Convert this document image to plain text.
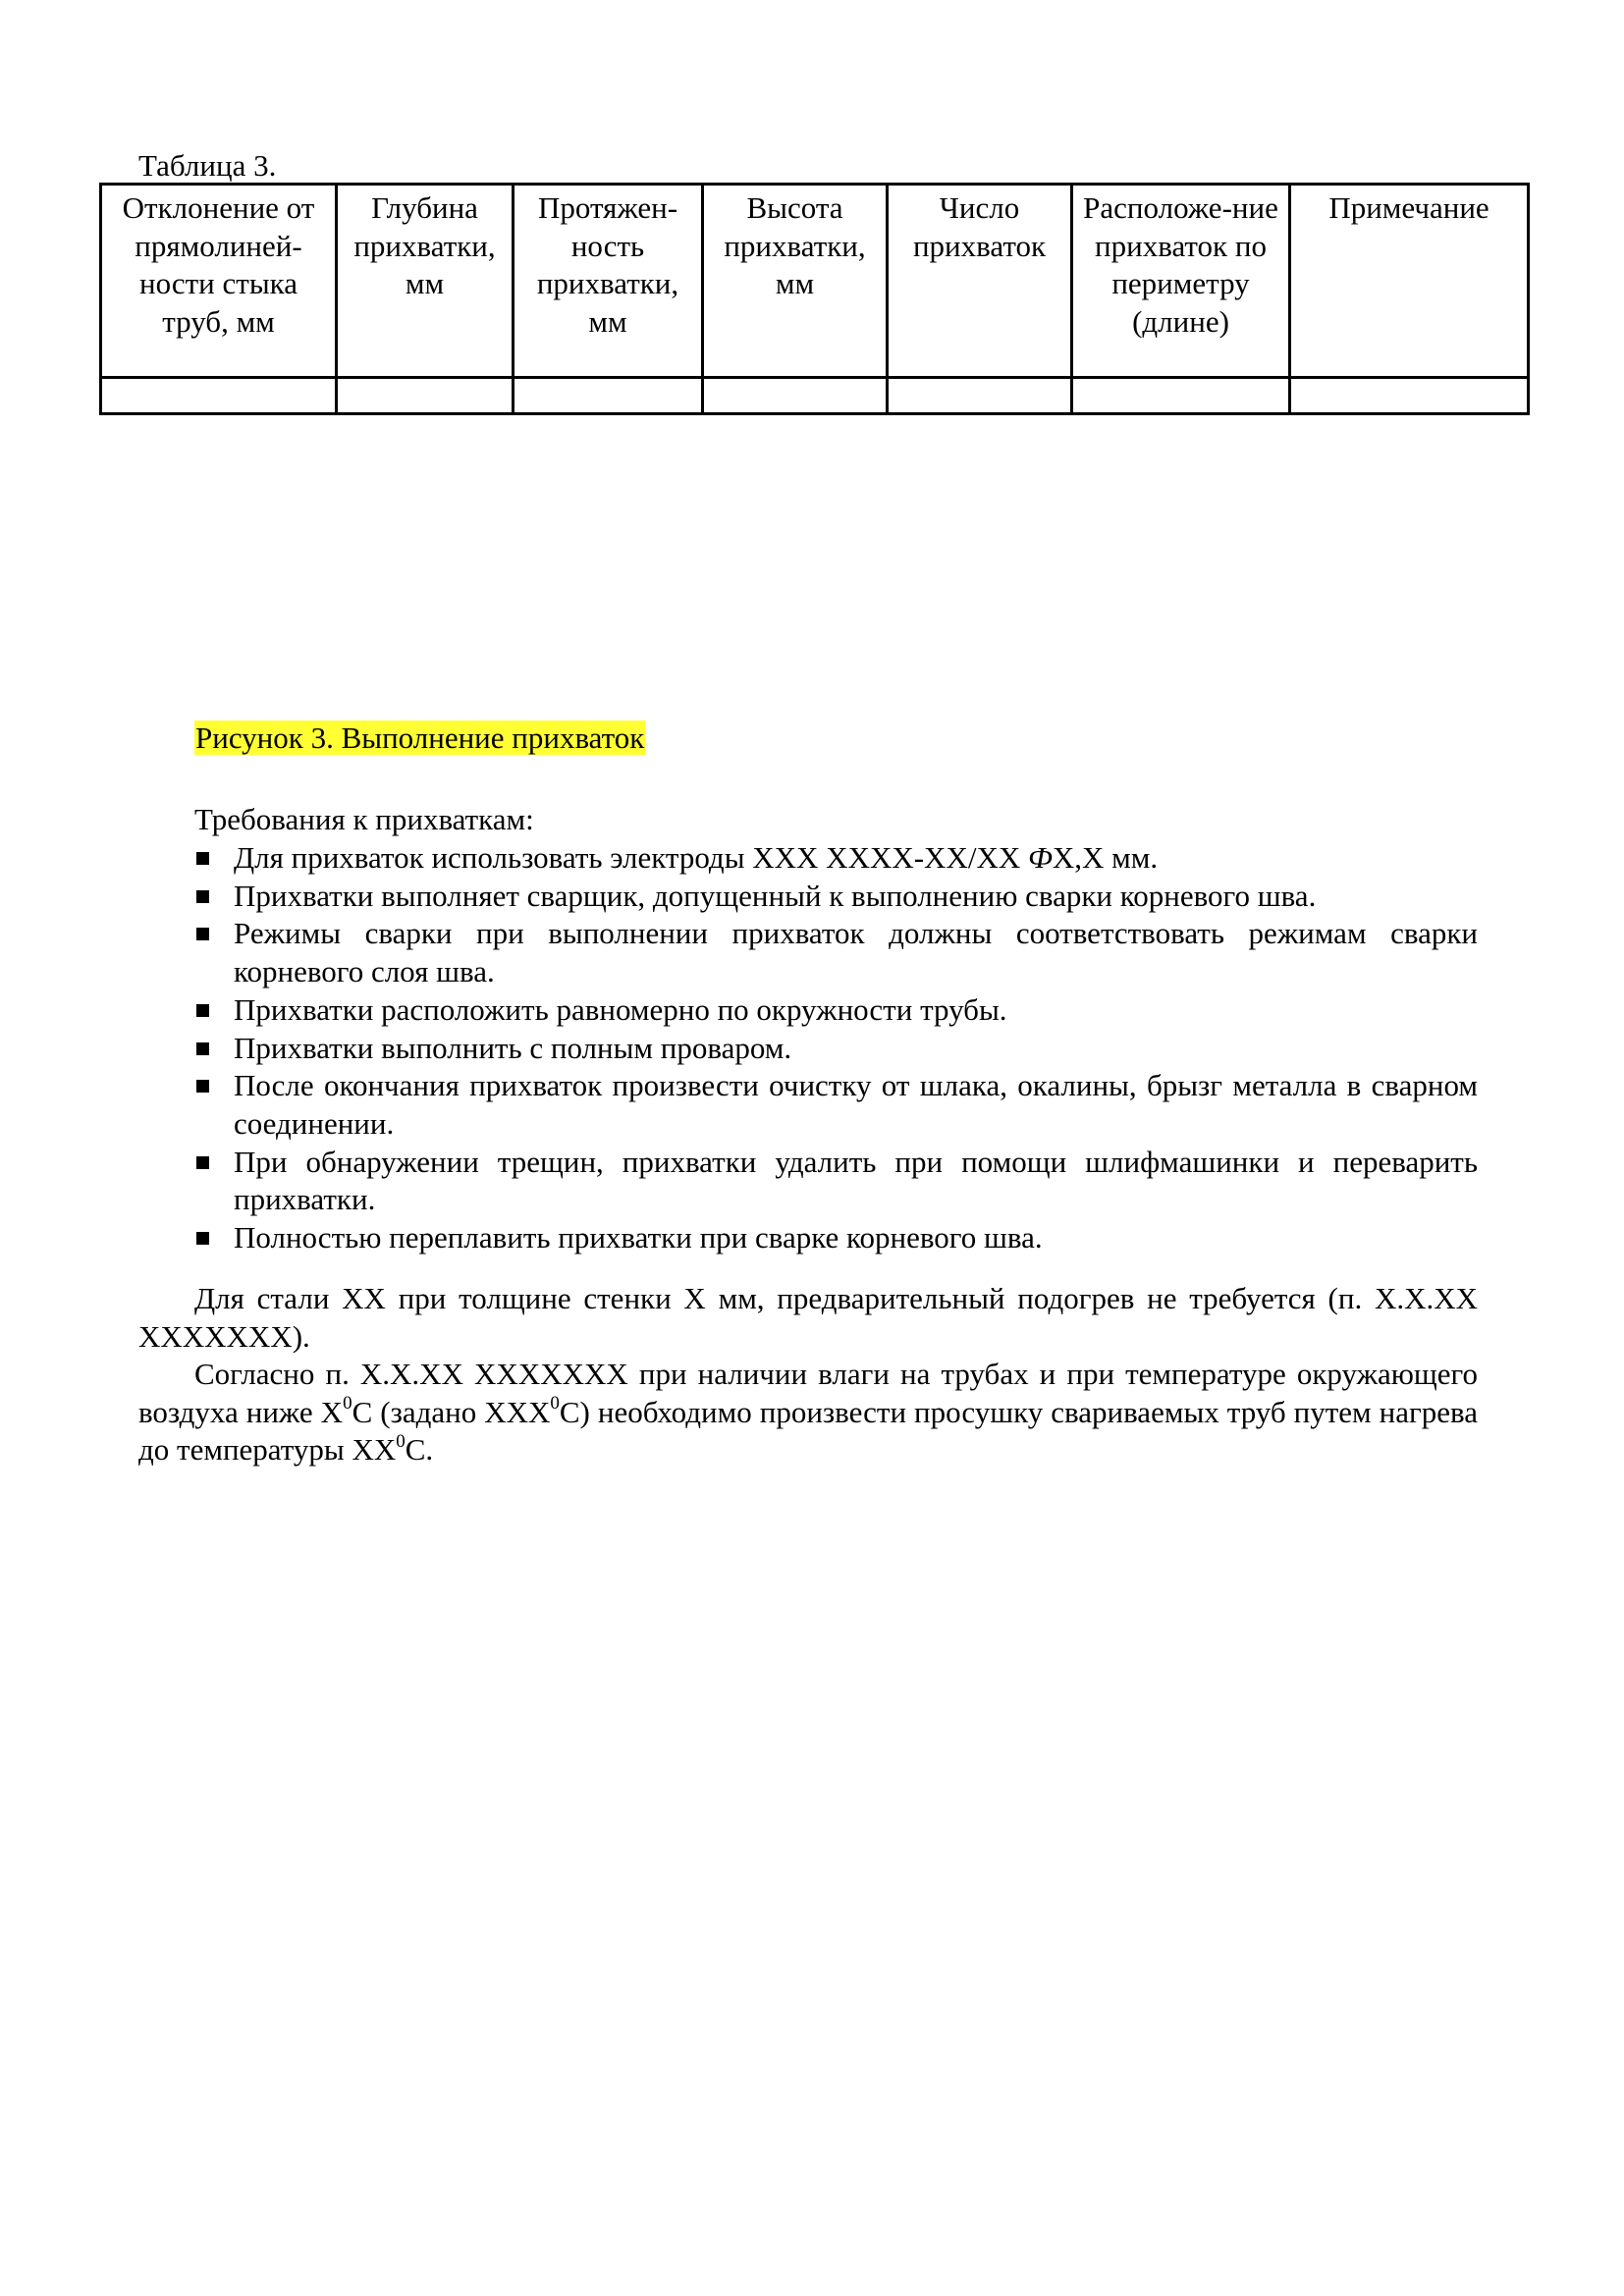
Таблица 3.
Отклонение от прямолиней-ности стыка труб, мм	Глубина прихватки, мм	Протяжен-ность прихватки, мм	Высота прихватки, мм	Число прихваток	Расположе-ние прихваток по периметру (длине)	Примечание

Рисунок 3. Выполнение прихваток
Требования к прихваткам:
Для прихваток использовать электроды XXX XXXX-XX/XX ФX,X мм.
Прихватки выполняет сварщик, допущенный к выполнению сварки корневого шва.
Режимы сварки при выполнении прихваток должны соответствовать режимам сварки корневого слоя шва.
Прихватки расположить равномерно по окружности трубы.
Прихватки выполнить с полным проваром.
После окончания прихваток произвести очистку от шлака, окалины, брызг металла в сварном соединении.
При обнаружении трещин, прихватки удалить при помощи шлифмашинки и переварить прихватки.
Полностью переплавить прихватки при сварке корневого шва.

Для стали XX при толщине стенки X мм, предварительный подогрев не требуется (п. X.X.XX XXXXXXX).

Согласно п. X.X.XX XXXXXXX при наличии влаги на трубах и при температуре окружающего воздуха ниже $X^0C$ (задано XXX$^0$C) необходимо произвести просушку свариваемых труб путем нагрева до температуры $XX^0C$.
